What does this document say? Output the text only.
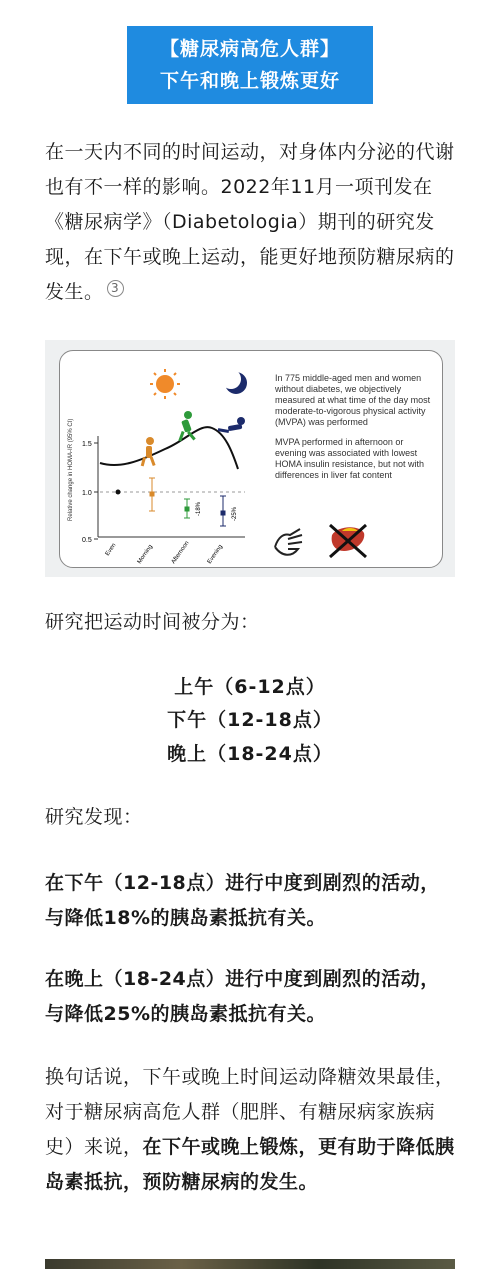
【糖尿病高危人群】
下午和晚上锻炼更好

在一天内不同的时间运动，对身体内分泌的代谢也有不一样的影响。2022年11月一项刊发在《糖尿病学》（Diabetologia）期刊的研究发现，在下午或晚上运动，能更好地预防糖尿病的发生。 3

1.5
1.0
0.5
Relative change in HOMA-IR (95% CI)	-18%	-25%
Even	Morning	Afternoon	Evening

In 775 middle-aged men and women without diabetes, we objectively measured at what time of the day most moderate-to-vigorous physical activity (MVPA) was performed

MVPA performed in afternoon or evening was associated with lowest HOMA insulin resistance, but not with differences in liver fat content

研究把运动时间被分为：

上午（6-12点）
下午（12-18点）
晚上（18-24点）

研究发现：

在下午（12-18点）进行中度到剧烈的活动，与降低18%的胰岛素抵抗有关。

在晚上（18-24点）进行中度到剧烈的活动，与降低25%的胰岛素抵抗有关。

换句话说，下午或晚上时间运动降糖效果最佳，对于糖尿病高危人群（肥胖、有糖尿病家族病史）来说，在下午或晚上锻炼，更有助于降低胰岛素抵抗，预防糖尿病的发生。
